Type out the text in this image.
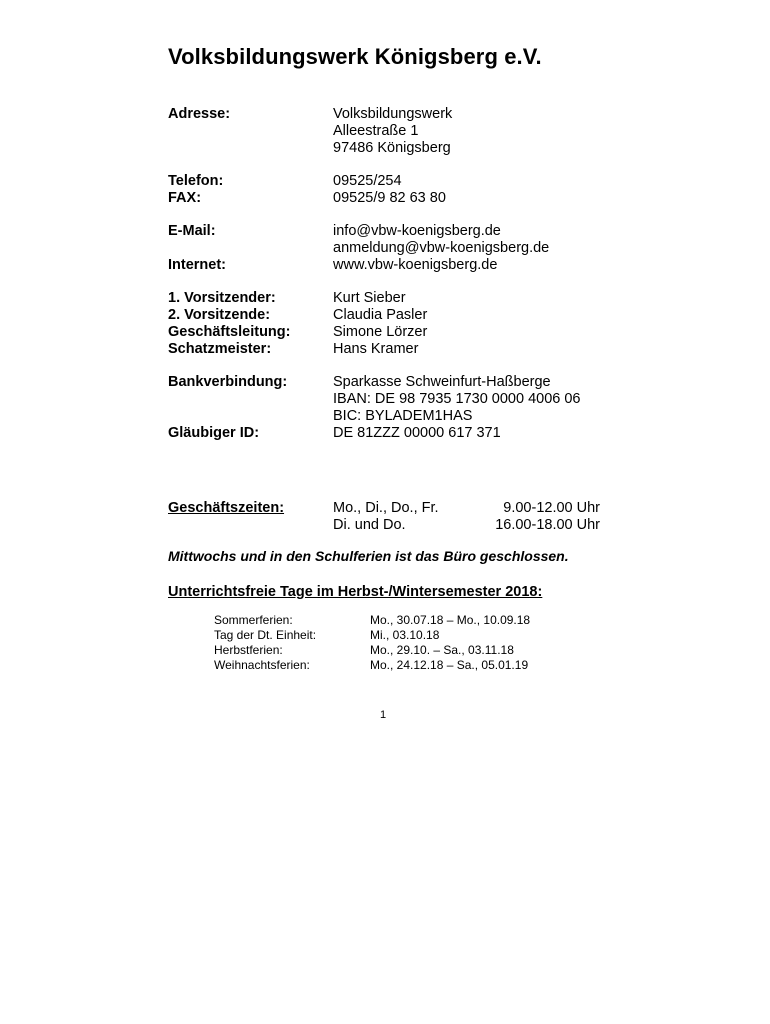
Volksbildungswerk Königsberg e.V.
Adresse:	Volksbildungswerk
Alleestraße 1
97486 Königsberg
Telefon:	09525/254
FAX:	09525/9 82 63 80
E-Mail:	info@vbw-koenigsberg.de
anmeldung@vbw-koenigsberg.de
Internet:	www.vbw-koenigsberg.de
1. Vorsitzender:	Kurt Sieber
2. Vorsitzende:	Claudia Pasler
Geschäftsleitung:	Simone Lörzer
Schatzmeister:	Hans Kramer
Bankverbindung:	Sparkasse Schweinfurt-Haßberge
IBAN: DE 98 7935 1730 0000 4006 06
BIC: BYLADEM1HAS
Gläubiger ID:	DE 81ZZZ 00000 617 371
Geschäftszeiten:	Mo., Di., Do., Fr.	9.00-12.00 Uhr
Di. und Do.	16.00-18.00 Uhr
Mittwochs und in den Schulferien ist das Büro geschlossen.
Unterrichtsfreie Tage im Herbst-/Wintersemester 2018:
Sommerferien:	Mo., 30.07.18 – Mo., 10.09.18
Tag der Dt. Einheit:	Mi., 03.10.18
Herbstferien:	Mo., 29.10. – Sa., 03.11.18
Weihnachtsferien:	Mo., 24.12.18 – Sa., 05.01.19
1
